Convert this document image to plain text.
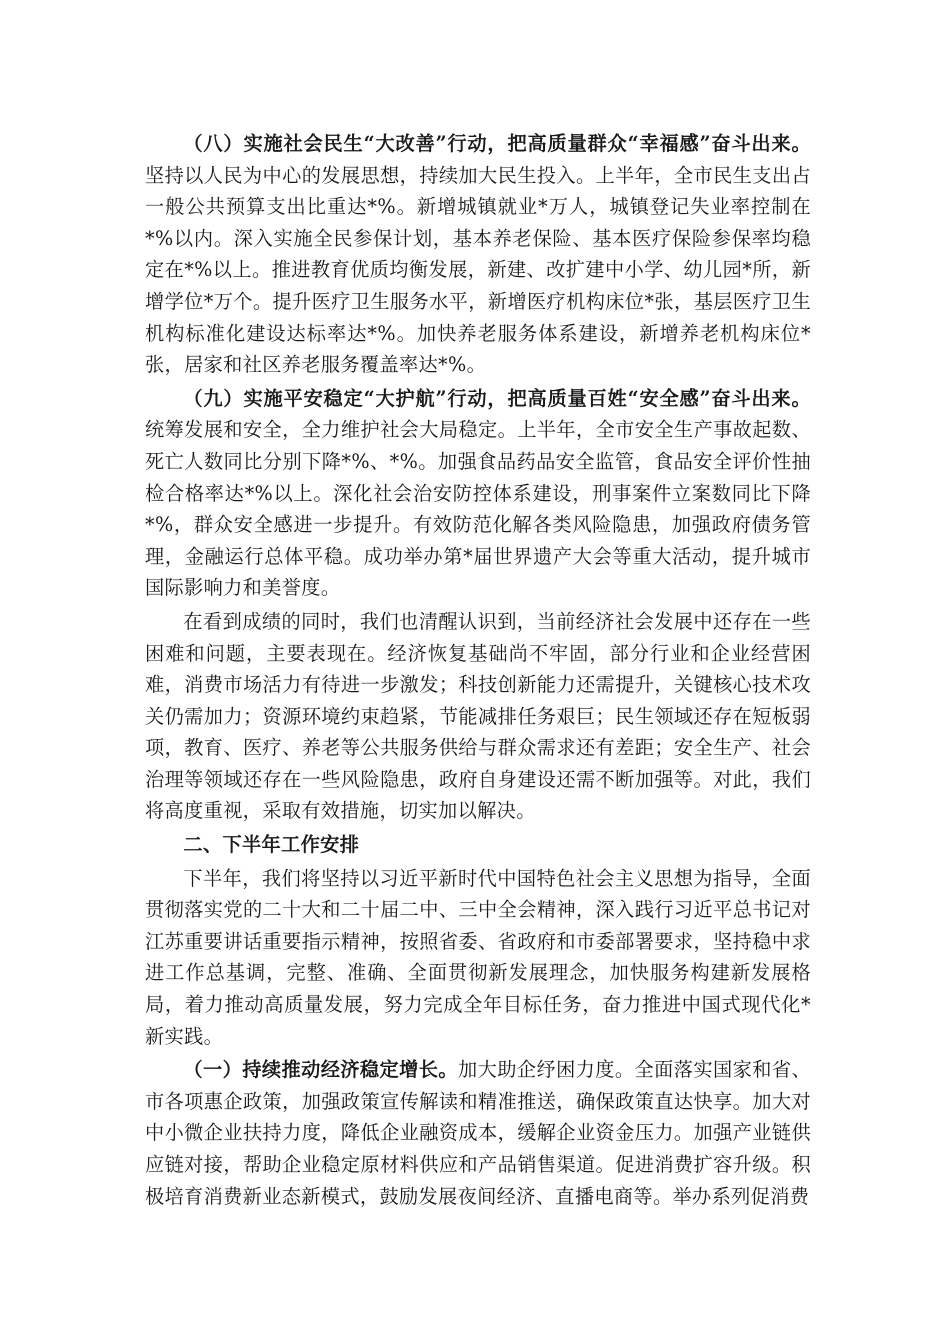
（八）实施社会民生“大改善”行动，把高质量群众“幸福感”奋斗出来。坚持以人民为中心的发展思想，持续加大民生投入。上半年，全市民生支出占一般公共预算支出比重达*%。新增城镇就业*万人，城镇登记失业率控制在*%以内。深入实施全民参保计划，基本养老保险、基本医疗保险参保率均稳定在*%以上。推进教育优质均衡发展，新建、改扩建中小学、幼儿园*所，新增学位*万个。提升医疗卫生服务水平，新增医疗机构床位*张，基层医疗卫生机构标准化建设达标率达*%。加快养老服务体系建设，新增养老机构床位*张，居家和社区养老服务覆盖率达*%。

（九）实施平安稳定“大护航”行动，把高质量百姓“安全感”奋斗出来。统筹发展和安全，全力维护社会大局稳定。上半年，全市安全生产事故起数、死亡人数同比分别下降*%、*%。加强食品药品安全监管，食品安全评价性抽检合格率达*%以上。深化社会治安防控体系建设，刑事案件立案数同比下降*%，群众安全感进一步提升。有效防范化解各类风险隐患，加强政府债务管理，金融运行总体平稳。成功举办第*届世界遗产大会等重大活动，提升城市国际影响力和美誉度。

在看到成绩的同时，我们也清醒认识到，当前经济社会发展中还存在一些困难和问题，主要表现在。经济恢复基础尚不牢固，部分行业和企业经营困难，消费市场活力有待进一步激发；科技创新能力还需提升，关键核心技术攻关仍需加力；资源环境约束趋紧，节能减排任务艰巨；民生领域还存在短板弱项，教育、医疗、养老等公共服务供给与群众需求还有差距；安全生产、社会治理等领域还存在一些风险隐患，政府自身建设还需不断加强等。对此，我们将高度重视，采取有效措施，切实加以解决。

二、下半年工作安排

下半年，我们将坚持以习近平新时代中国特色社会主义思想为指导，全面贯彻落实党的二十大和二十届二中、三中全会精神，深入践行习近平总书记对江苏重要讲话重要指示精神，按照省委、省政府和市委部署要求，坚持稳中求进工作总基调，完整、准确、全面贯彻新发展理念，加快服务构建新发展格局，着力推动高质量发展，努力完成全年目标任务，奋力推进中国式现代化*新实践。

（一）持续推动经济稳定增长。加大助企纾困力度。全面落实国家和省、市各项惠企政策，加强政策宣传解读和精准推送，确保政策直达快享。加大对中小微企业扶持力度，降低企业融资成本，缓解企业资金压力。加强产业链供应链对接，帮助企业稳定原材料供应和产品销售渠道。促进消费扩容升级。积极培育消费新业态新模式，鼓励发展夜间经济、直播电商等。举办系列促消费
